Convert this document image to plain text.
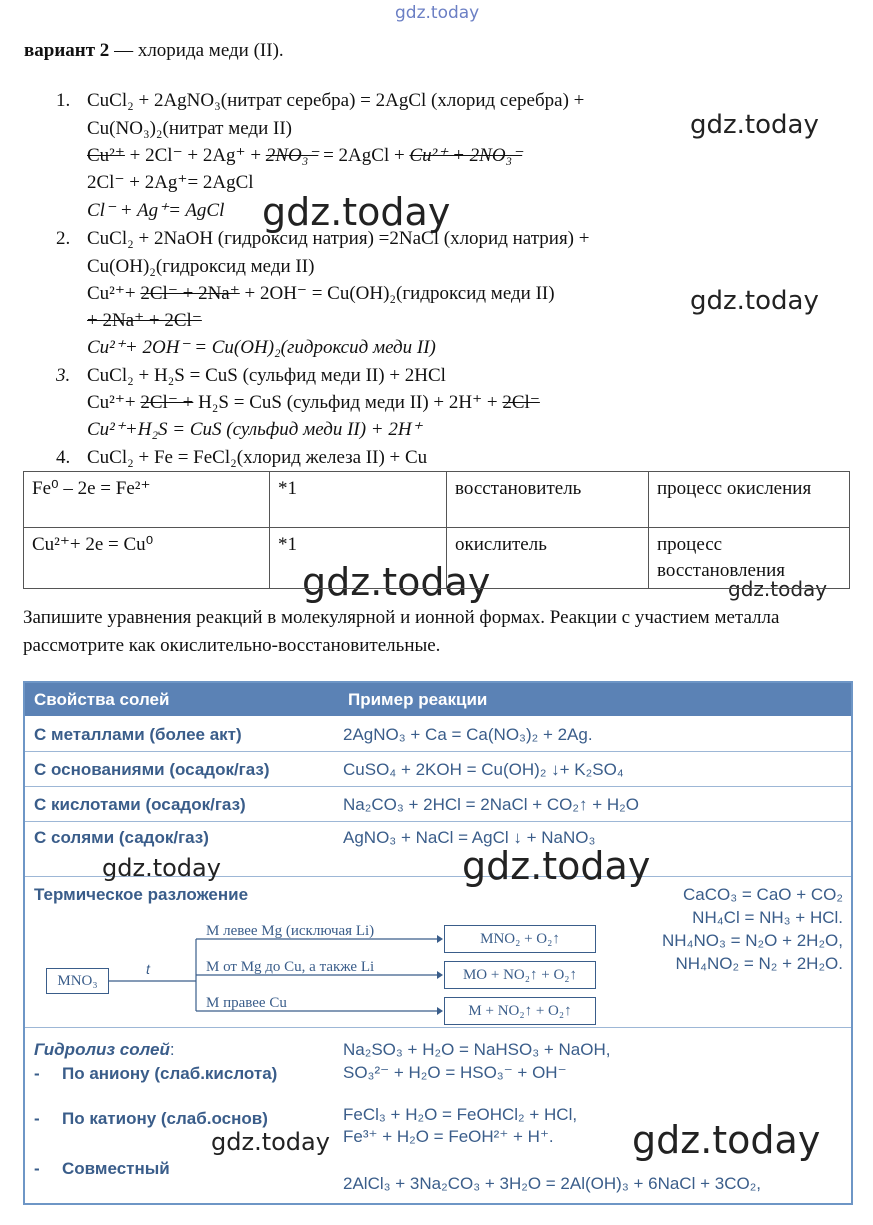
gdz.today
gdz.today
gdz.today
gdz.today
gdz.today	gdz.today
вариант 2 — хлорида меди (II).
1. CuCl₂ + 2AgNO₃(нитрат серебра) = 2AgCl (хлорид серебра) +
Cu(NO₃)₂(нитрат меди II)
Cu²⁺ + 2Cl⁻ + 2Ag⁺ + 2NO₃⁻ = 2AgCl + Cu²⁺ + 2NO₃⁻
2Cl⁻ + 2Ag⁺= 2AgCl
Cl⁻ + Ag⁺= AgCl
2. CuCl₂ + 2NaOH (гидроксид натрия) =2NaCl (хлорид натрия) +
Cu(OH)₂(гидроксид меди II)
Cu²⁺+ 2Cl⁻ + 2Na⁺ + 2OH⁻ = Cu(OH)₂(гидроксид меди II)
+ 2Na⁺ + 2Cl⁻
Cu²⁺+ 2OH⁻ = Cu(OH)₂(гидроксид меди II)
3. CuCl₂ + H₂S = CuS (сульфид меди II) + 2HCl
Cu²⁺+ 2Cl⁻ + H₂S = CuS (сульфид меди II) + 2H⁺ + 2Cl⁻
Cu²⁺+H₂S = CuS (сульфид меди II) + 2H⁺
4. CuCl₂ + Fe = FeCl₂(хлорид железа II) + Cu
Fe⁰ – 2e = Fe²⁺	*1	восстановитель	процесс окисления
Cu²⁺+ 2e = Cu⁰	*1	окислитель	процесс восстановления
Запишите уравнения реакций в молекулярной и ионной формах. Реакции с участием металла рассмотрите как окислительно-восстановительные.
Свойства солей	Пример реакции
С металлами (более акт)	2AgNO₃ + Ca = Ca(NO₃)₂ + 2Ag.
С основаниями (осадок/газ)	CuSO₄ + 2KOH = Cu(OH)₂ ↓+ K₂SO₄
С кислотами (осадок/газ)	Na₂CO₃ + 2HCl = 2NaCl + CO₂↑ + H₂O
С солями (садок/газ)	AgNO₃ + NaCl = AgCl ↓ + NaNO₃
gdz.today	gdz.today
Термическое разложение	CaCO₃ = CaO + CO₂
NH₄Cl = NH₃ + HCl.
NH₄NO₃ = N₂O + 2H₂O,
NH₄NO₂ = N₂ + 2H₂O.
MNO₃
t
M левее Mg (исключая Li)
M от Mg до Cu, а также Li
M правее Cu
MNO₂ + O₂↑
MO + NO₂↑ + O₂↑
M + NO₂↑ + O₂↑
Гидролиз солей:
- По аниону (слаб.кислота)
Na₂SO₃ + H₂O = NaHSO₃ + NaOH,
SO₃²⁻ + H₂O = HSO₃⁻ + OH⁻
- По катиону (слаб.основ)	FeCl₃ + H₂O = FeOHCl₂ + HCl,
Fe³⁺ + H₂O = FeOH²⁺ + H⁺.
- Совместный
2AlCl₃ + 3Na₂CO₃ + 3H₂O = 2Al(OH)₃ + 6NaCl + 3CO₂,
gdz.today	gdz.today
